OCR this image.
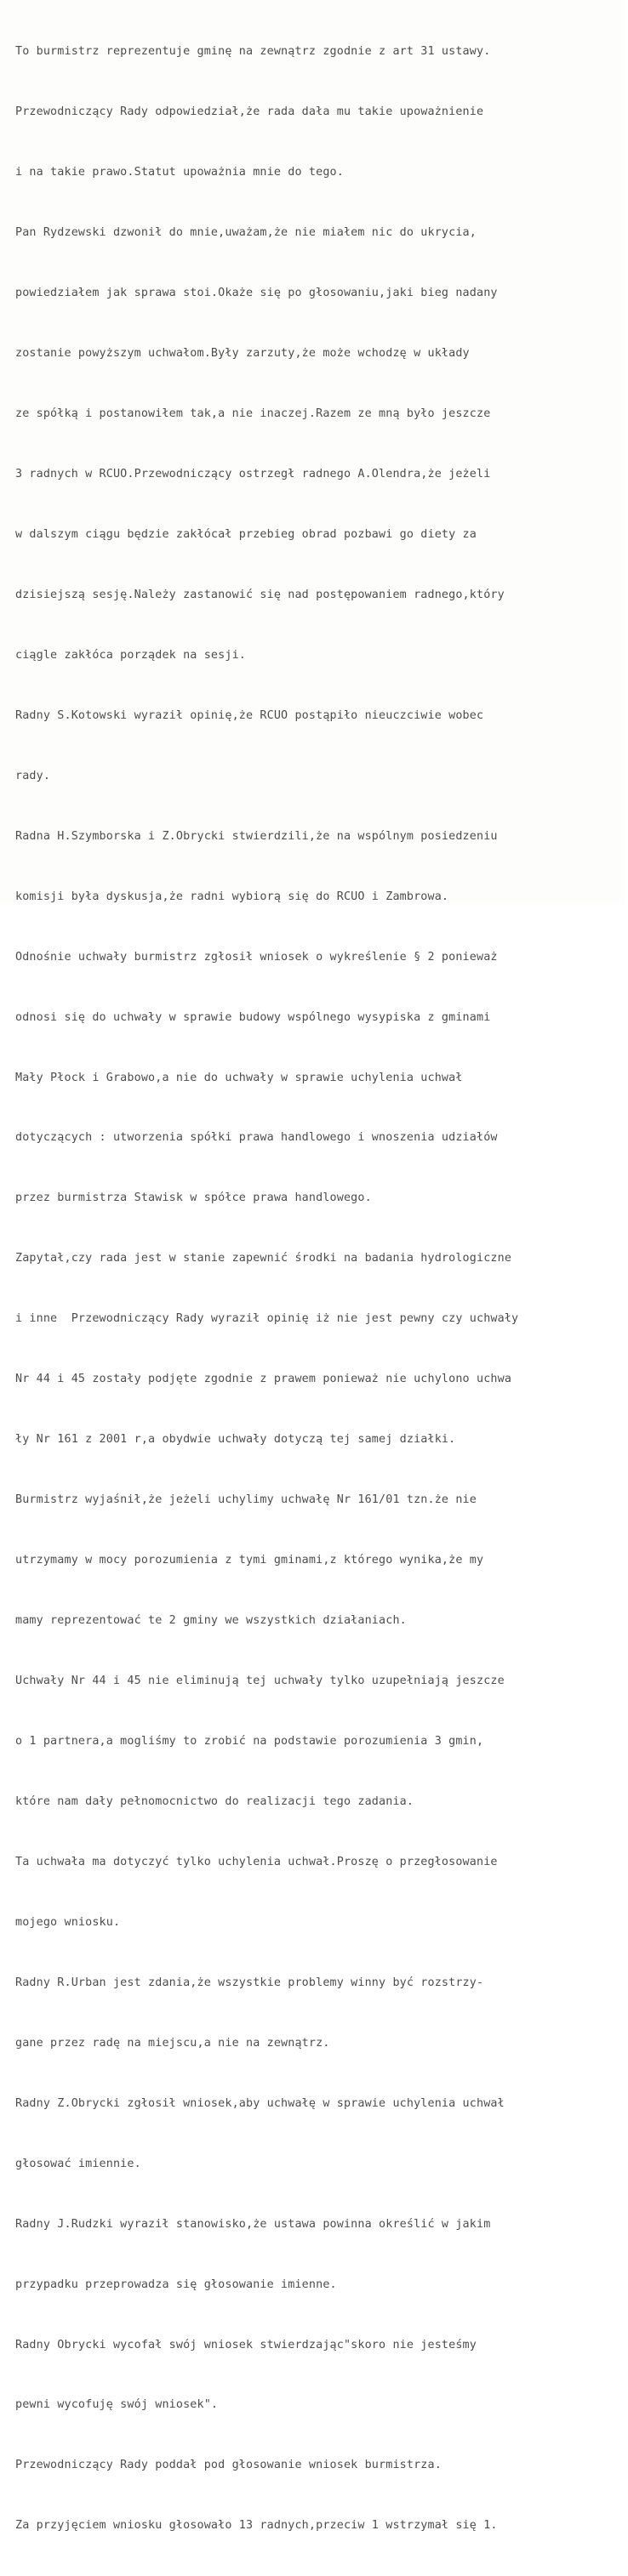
To burmistrz reprezentuje gminę na zewnątrz zgodnie z art 31 ustawy.

Przewodniczący Rady odpowiedział,że rada dała mu takie upoważnienie

i na takie prawo.Statut upoważnia mnie do tego.

Pan Rydzewski dzwonił do mnie,uważam,że nie miałem nic do ukrycia,

powiedziałem jak sprawa stoi.Okaże się po głosowaniu,jaki bieg nadany

zostanie powyższym uchwałom.Były zarzuty,że może wchodzę w układy

ze spółką i postanowiłem tak,a nie inaczej.Razem ze mną było jeszcze

3 radnych w RCUO.Przewodniczący ostrzegł radnego A.Olendra,że jeżeli

w dalszym ciągu będzie zakłócał przebieg obrad pozbawi go diety za

dzisiejszą sesję.Należy zastanowić się nad postępowaniem radnego,który

ciągle zakłóca porządek na sesji.

Radny S.Kotowski wyraził opinię,że RCUO postąpiło nieuczciwie wobec

rady.

Radna H.Szymborska i Z.Obrycki stwierdzili,że na wspólnym posiedzeniu

komisji była dyskusja,że radni wybiorą się do RCUO i Zambrowa.

Odnośnie uchwały burmistrz zgłosił wniosek o wykreślenie § 2 ponieważ

odnosi się do uchwały w sprawie budowy wspólnego wysypiska z gminami

Mały Płock i Grabowo,a nie do uchwały w sprawie uchylenia uchwał

dotyczących : utworzenia spółki prawa handlowego i wnoszenia udziałów

przez burmistrza Stawisk w spółce prawa handlowego.

Zapytał,czy rada jest w stanie zapewnić środki na badania hydrologiczne

i inne  Przewodniczący Rady wyraził opinię iż nie jest pewny czy uchwały

Nr 44 i 45 zostały podjęte zgodnie z prawem ponieważ nie uchylono uchwa

ły Nr 161 z 2001 r,a obydwie uchwały dotyczą tej samej działki.

Burmistrz wyjaśnił,że jeżeli uchylimy uchwałę Nr 161/01 tzn.że nie

utrzymamy w mocy porozumienia z tymi gminami,z którego wynika,że my

mamy reprezentować te 2 gminy we wszystkich działaniach.

Uchwały Nr 44 i 45 nie eliminują tej uchwały tylko uzupełniają jeszcze

o 1 partnera,a mogliśmy to zrobić na podstawie porozumienia 3 gmin,

które nam dały pełnomocnictwo do realizacji tego zadania.

Ta uchwała ma dotyczyć tylko uchylenia uchwał.Proszę o przegłosowanie

mojego wniosku.

Radny R.Urban jest zdania,że wszystkie problemy winny być rozstrzy-

gane przez radę na miejscu,a nie na zewnątrz.

Radny Z.Obrycki zgłosił wniosek,aby uchwałę w sprawie uchylenia uchwał

głosować imiennie.

Radny J.Rudzki wyraził stanowisko,że ustawa powinna określić w jakim

przypadku przeprowadza się głosowanie imienne.

Radny Obrycki wycofał swój wniosek stwierdzając"skoro nie jesteśmy

pewni wycofuję swój wniosek".

Przewodniczący Rady poddał pod głosowanie wniosek burmistrza.

Za przyjęciem wniosku głosowało 13 radnych,przeciw 1 wstrzymał się 1.
